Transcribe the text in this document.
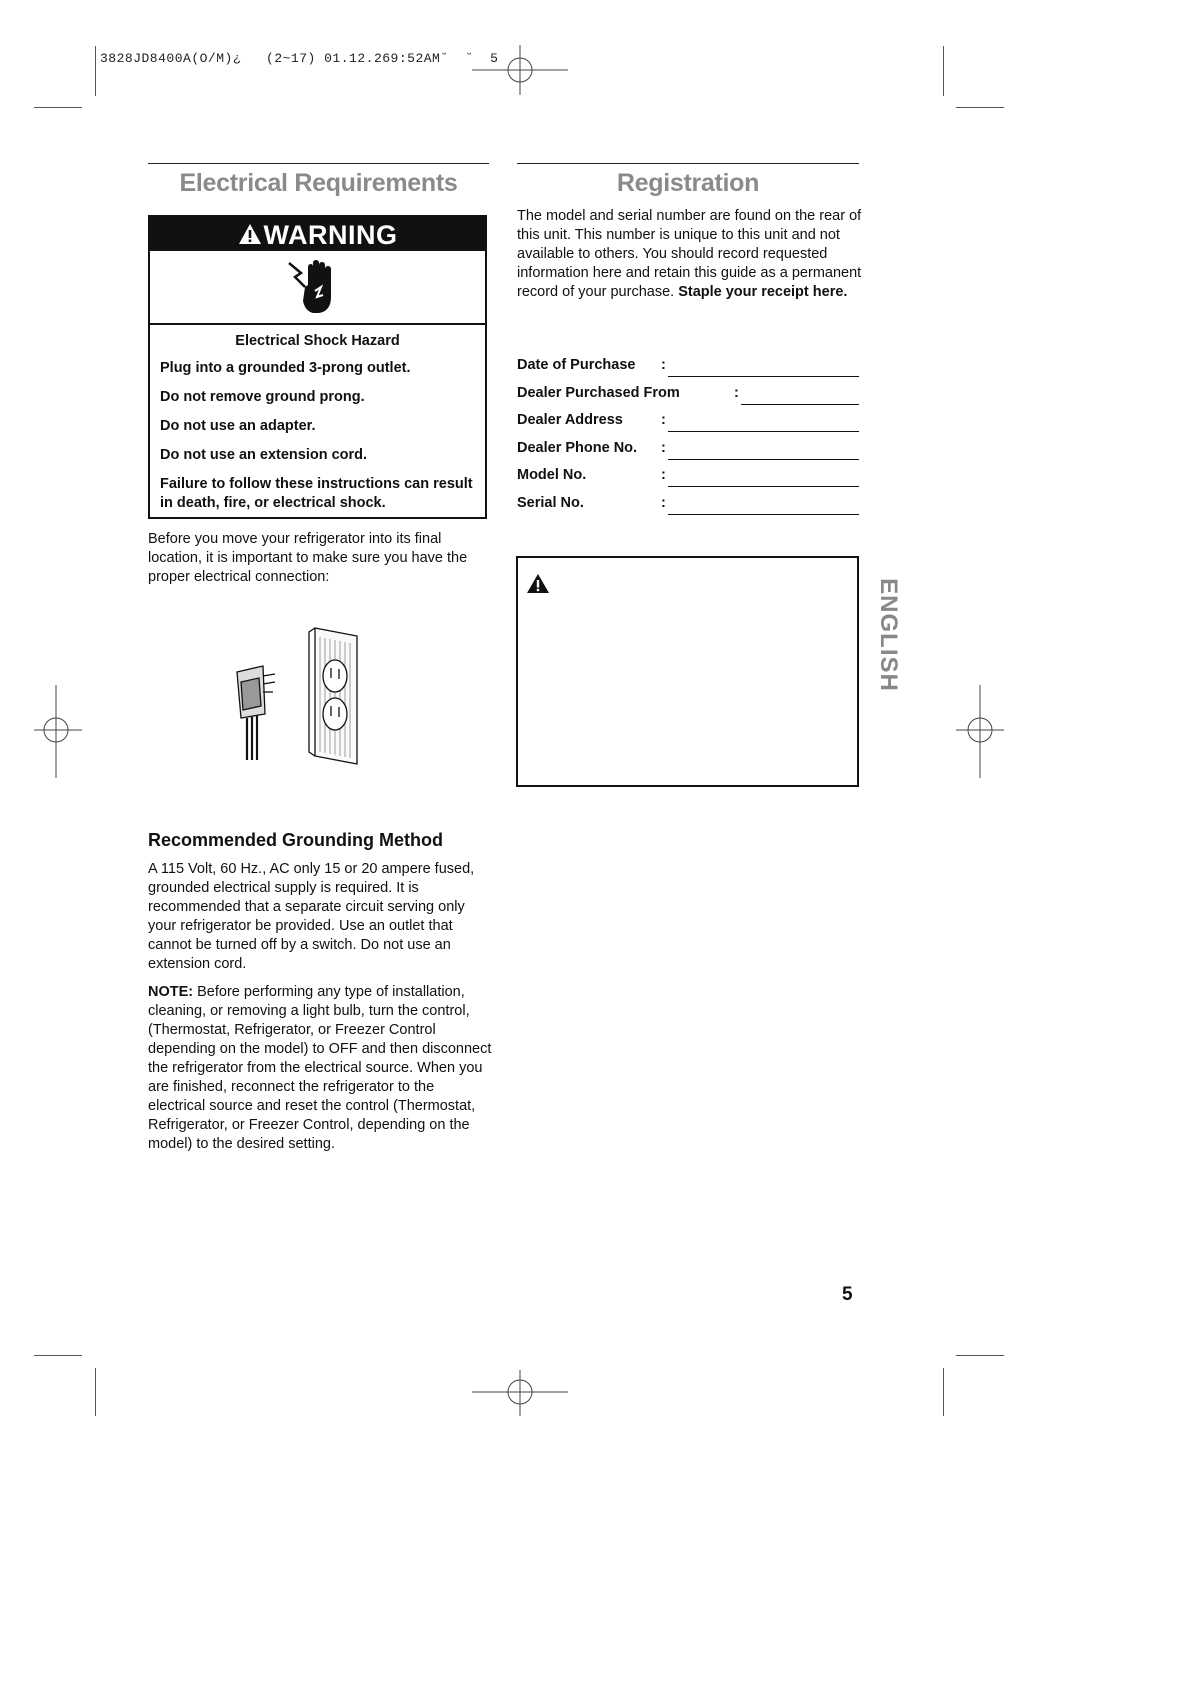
3828JD8400A(O/M)¿   (2~17) 01.12.269:52AM˘  ˘  5
Electrical Requirements
WARNING
Electrical Shock Hazard

Plug into a grounded 3-prong outlet.

Do not remove ground prong.

Do not use an adapter.

Do not use an extension cord.

Failure to follow these instructions can result in death, fire, or electrical shock.

Before you move your refrigerator into its final location, it is important to make sure you have the proper electrical connection:
Recommended Grounding Method

A 115 Volt, 60 Hz., AC only 15 or 20 ampere fused, grounded electrical supply is required. It is recommended that a separate circuit serving only your refrigerator be provided. Use an outlet that cannot be turned off by a switch. Do not use an extension cord.

NOTE: Before performing any type of installation, cleaning, or removing a light bulb, turn the control, (Thermostat, Refrigerator, or Freezer Control depending on the model) to OFF and then disconnect the refrigerator from the electrical source. When you are finished, reconnect the refrigerator to the electrical source and reset the control (Thermostat, Refrigerator, or Freezer Control, depending on the model) to the desired setting.

Registration
The model and serial number are found on the rear of this unit. This number is unique to this unit and not available to others. You should record requested information here and retain this guide as a permanent record of your purchase. Staple your receipt here.
Date of Purchase :
Dealer Purchased From	:
Dealer Address	:
Dealer Phone No. :
Model No.	:
Serial No.	:
ENGLISH
5
